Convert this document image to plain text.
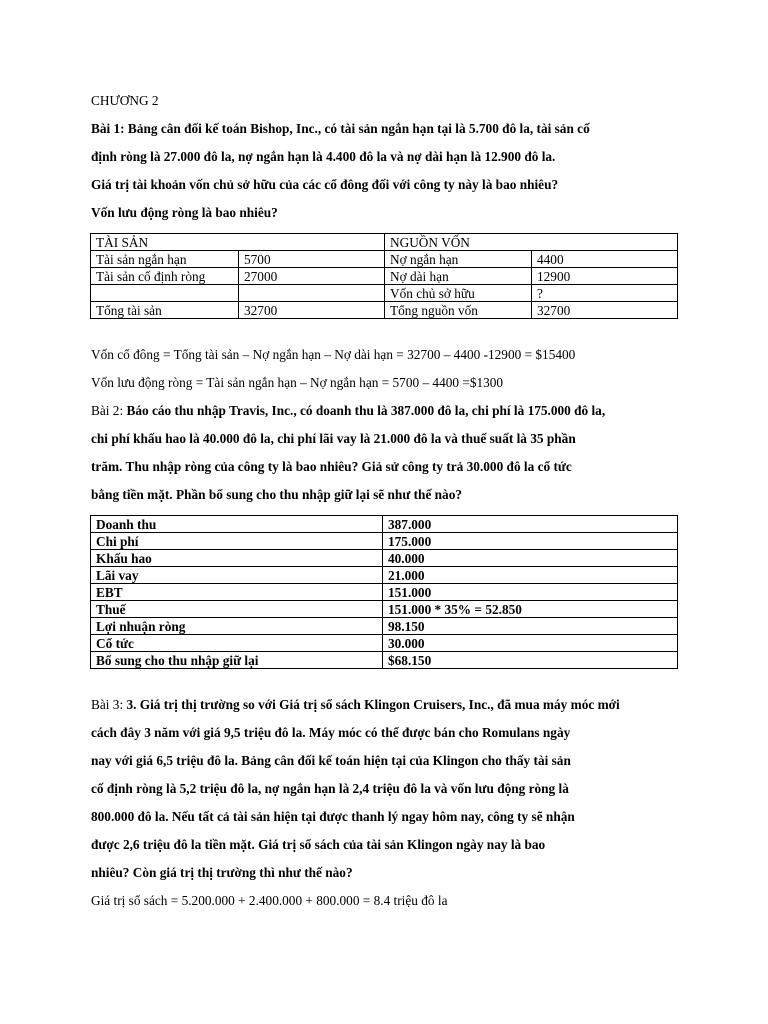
CHƯƠNG 2
Bài 1: Bảng cân đối kế toán Bishop, Inc., có tài sản ngắn hạn tại là 5.700 đô la, tài sản cố
định ròng là 27.000 đô la, nợ ngắn hạn là 4.400 đô la và nợ dài hạn là 12.900 đô la.
Giá trị tài khoản vốn chủ sở hữu của các cổ đông đối với công ty này là bao nhiêu?
Vốn lưu động ròng là bao nhiêu?
TÀI SẢN		NGUỒN VỐN	
Tài sản ngắn hạn	5700	Nợ ngắn hạn	4400
Tài sản cố định ròng	27000	Nợ dài hạn	12900
		Vốn chủ sở hữu	?
Tổng tài sản	32700	Tổng nguồn vốn	32700
Vốn cổ đông = Tổng tài sản – Nợ ngắn hạn – Nợ dài hạn = 32700 – 4400 -12900 = $15400
Vốn lưu động ròng = Tài sản ngắn hạn – Nợ ngắn hạn = 5700 – 4400 =$1300
Bài 2: Báo cáo thu nhập Travis, Inc., có doanh thu là 387.000 đô la, chi phí là 175.000 đô la,
chi phí khấu hao là 40.000 đô la, chi phí lãi vay là 21.000 đô la và thuế suất là 35 phần
trăm. Thu nhập ròng của công ty là bao nhiêu? Giả sử công ty trả 30.000 đô la cổ tức
bằng tiền mặt. Phần bổ sung cho thu nhập giữ lại sẽ như thế nào?
Doanh thu	387.000
Chi phí	175.000
Khấu hao	40.000
Lãi vay	21.000
EBT	151.000
Thuế	151.000 * 35% = 52.850
Lợi nhuận ròng	98.150
Cổ tức	30.000
Bổ sung cho thu nhập giữ lại	$68.150
Bài 3: 3. Giá trị thị trường so với Giá trị sổ sách Klingon Cruisers, Inc., đã mua máy móc mới
cách đây 3 năm với giá 9,5 triệu đô la. Máy móc có thể được bán cho Romulans ngày
nay với giá 6,5 triệu đô la. Bảng cân đối kế toán hiện tại của Klingon cho thấy tài sản
cố định ròng là 5,2 triệu đô la, nợ ngắn hạn là 2,4 triệu đô la và vốn lưu động ròng là
800.000 đô la. Nếu tất cả tài sản hiện tại được thanh lý ngay hôm nay, công ty sẽ nhận
được 2,6 triệu đô la tiền mặt. Giá trị sổ sách của tài sản Klingon ngày nay là bao
nhiêu? Còn giá trị thị trường thì như thế nào?
Giá trị sổ sách = 5.200.000 + 2.400.000 + 800.000 = 8.4 triệu đô la
